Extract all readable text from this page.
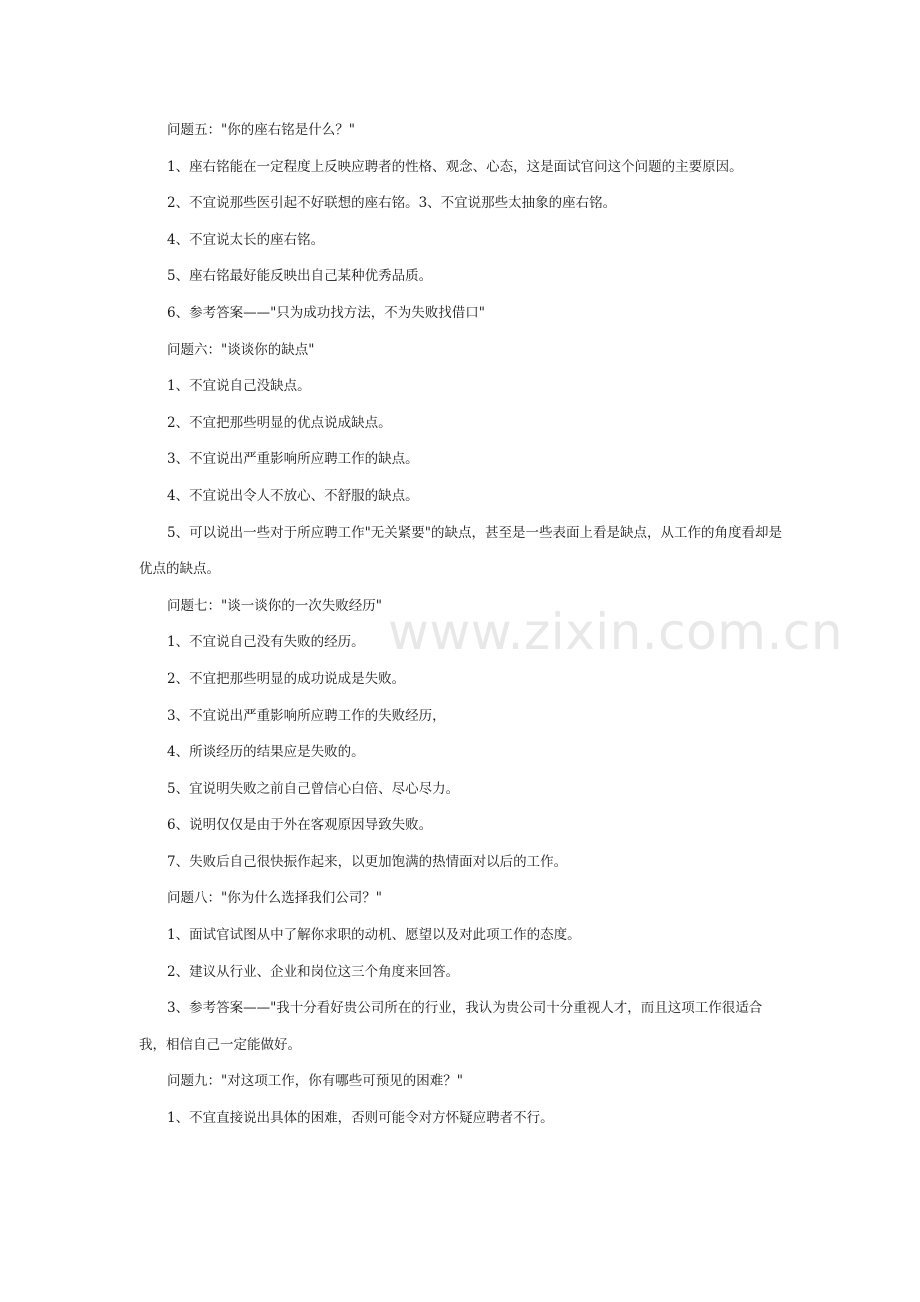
问题五："你的座右铭是什么？"

1、座右铭能在一定程度上反映应聘者的性格、观念、心态，这是面试官问这个问题的主要原因。

2、不宜说那些医引起不好联想的座右铭。3、不宜说那些太抽象的座右铭。

4、不宜说太长的座右铭。

5、座右铭最好能反映出自己某种优秀品质。

6、参考答案——"只为成功找方法，不为失败找借口"

问题六："谈谈你的缺点"

1、不宜说自己没缺点。

2、不宜把那些明显的优点说成缺点。

3、不宜说出严重影响所应聘工作的缺点。

4、不宜说出令人不放心、不舒服的缺点。

5、可以说出一些对于所应聘工作"无关紧要"的缺点，甚至是一些表面上看是缺点，从工作的角度看却是优点的缺点。

问题七："谈一谈你的一次失败经历"

1、不宜说自己没有失败的经历。

2、不宜把那些明显的成功说成是失败。

3、不宜说出严重影响所应聘工作的失败经历，

4、所谈经历的结果应是失败的。

5、宜说明失败之前自己曾信心白倍、尽心尽力。

6、说明仅仅是由于外在客观原因导致失败。

7、失败后自己很快振作起来，以更加饱满的热情面对以后的工作。

问题八："你为什么选择我们公司？"

1、面试官试图从中了解你求职的动机、愿望以及对此项工作的态度。

2、建议从行业、企业和岗位这三个角度来回答。

3、参考答案——"我十分看好贵公司所在的行业，我认为贵公司十分重视人才，而且这项工作很适合我，相信自己一定能做好。

问题九："对这项工作，你有哪些可预见的困难？"

1、不宜直接说出具体的困难，否则可能令对方怀疑应聘者不行。

www.zixin.com.cn
